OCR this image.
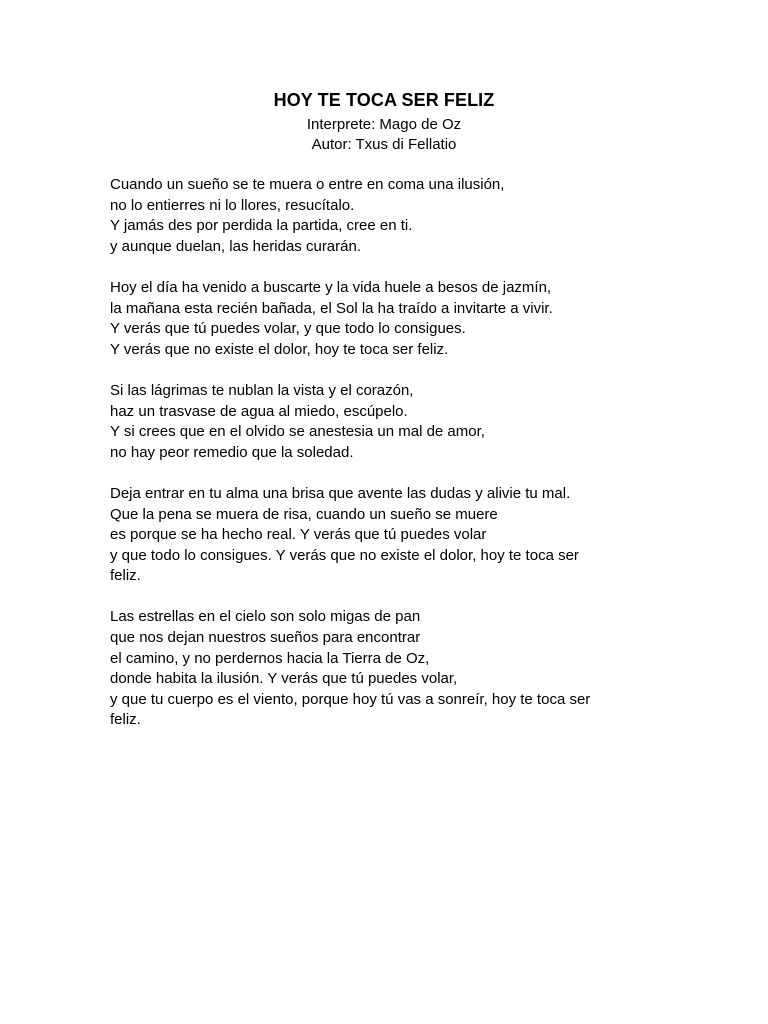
HOY TE TOCA SER FELIZ
Interprete: Mago de Oz
Autor: Txus di Fellatio
Cuando un sueño se te muera o entre en coma una ilusión,
no lo entierres ni lo llores, resucítalo.
Y jamás des por perdida la partida, cree en ti.
y aunque duelan, las heridas curarán.
Hoy el día ha venido a buscarte y la vida huele a besos de jazmín,
la mañana esta recién bañada, el Sol la ha traído a invitarte a vivir.
Y verás que tú puedes volar, y que todo lo consigues.
Y verás que no existe el dolor, hoy te toca ser feliz.
Si las lágrimas te nublan la vista y el corazón,
haz un trasvase de agua al miedo, escúpelo.
Y si crees que en el olvido se anestesia un mal de amor,
no hay peor remedio que la soledad.
Deja entrar en tu alma una brisa que avente las dudas y alivie tu mal.
Que la pena se muera de risa, cuando un sueño se muere
es porque se ha hecho real. Y verás que tú puedes volar
y que todo lo consigues. Y verás que no existe el dolor, hoy te toca ser
feliz.
Las estrellas en el cielo son solo migas de pan
que nos dejan nuestros sueños para encontrar
el camino, y no perdernos hacia la Tierra de Oz,
donde habita la ilusión. Y verás que tú puedes volar,
y que tu cuerpo es el viento, porque hoy tú vas a sonreír, hoy te toca ser
feliz.
